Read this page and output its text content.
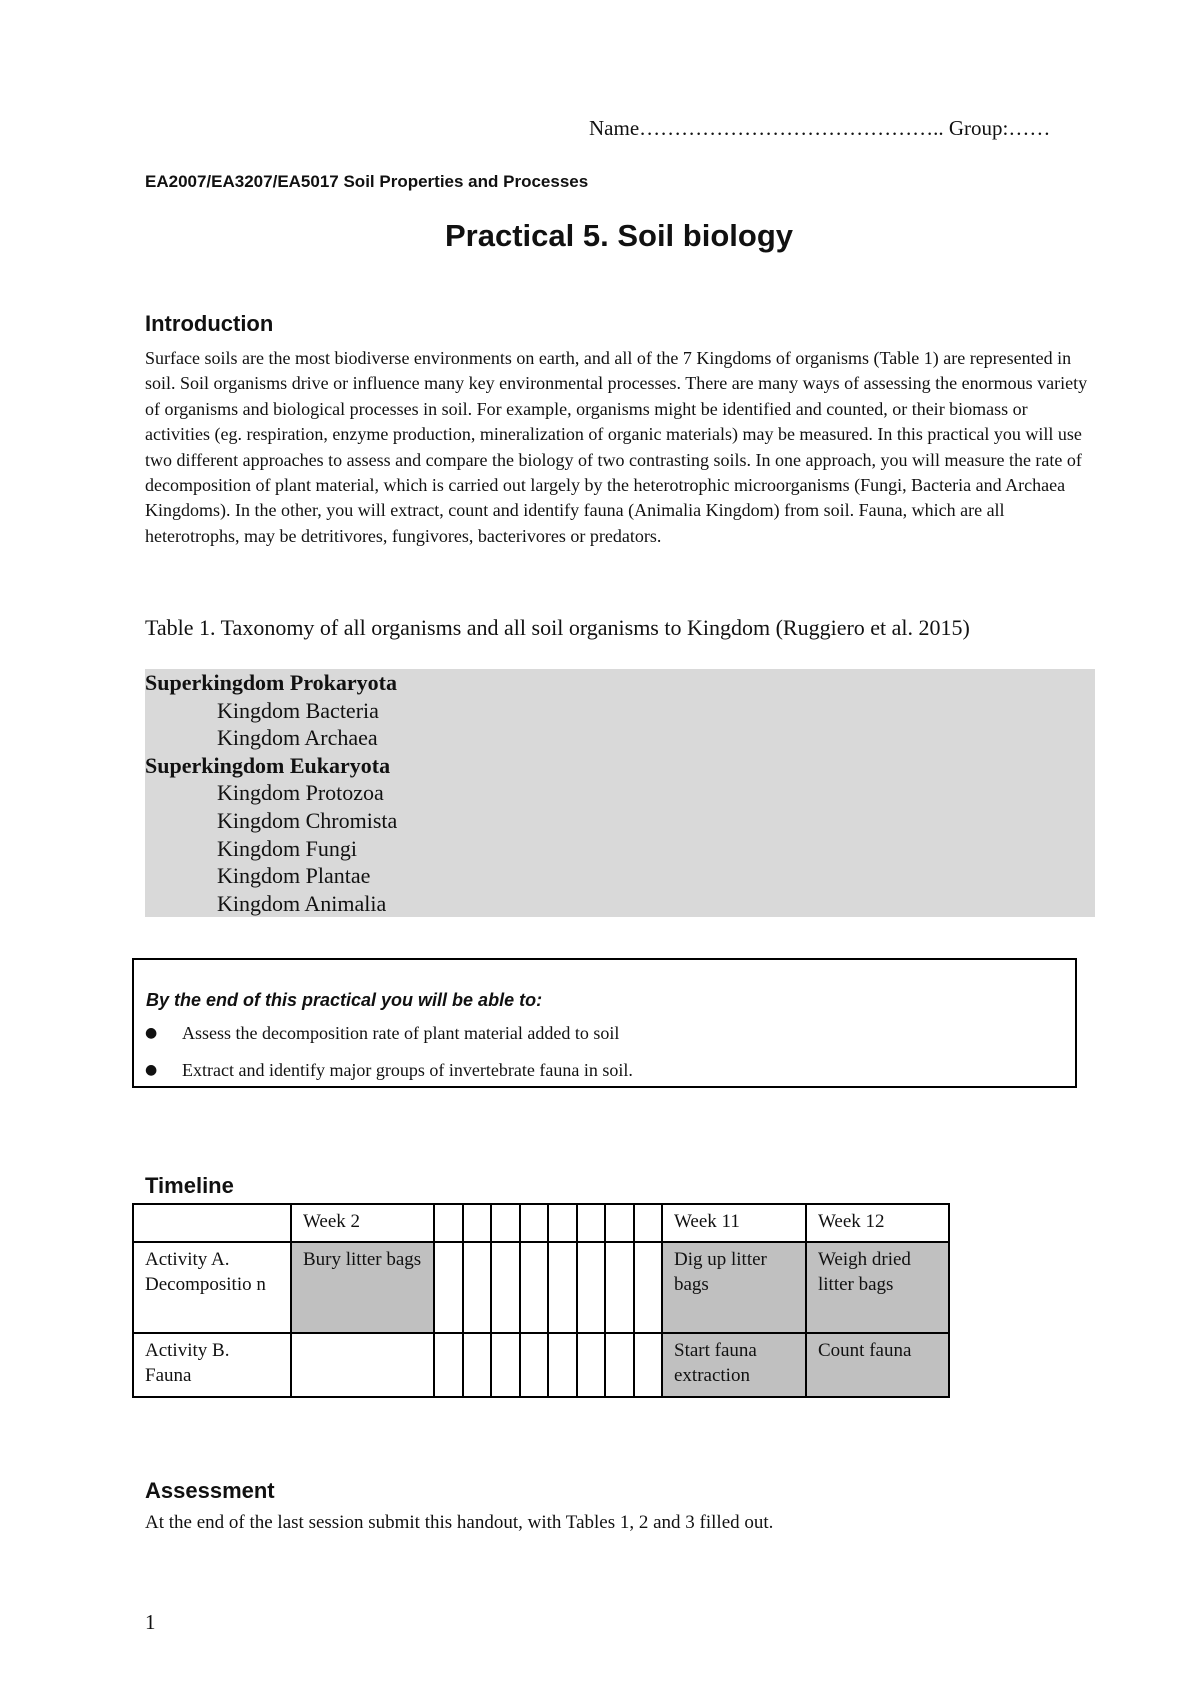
Name…………………………………….. Group:……
EA2007/EA3207/EA5017 Soil Properties and Processes
Practical 5. Soil biology
Introduction
Surface soils are the most biodiverse environments on earth, and all of the 7 Kingdoms of organisms (Table 1) are represented in soil. Soil organisms drive or influence many key environmental processes. There are many ways of assessing the enormous variety of organisms and biological processes in soil. For example, organisms might be identified and counted, or their biomass or activities (eg. respiration, enzyme production, mineralization of organic materials) may be measured. In this practical you will use two different approaches to assess and compare the biology of two contrasting soils. In one approach, you will measure the rate of decomposition of plant material, which is carried out largely by the heterotrophic microorganisms (Fungi, Bacteria and Archaea Kingdoms). In the other, you will extract, count and identify fauna (Animalia Kingdom) from soil. Fauna, which are all heterotrophs, may be detritivores, fungivores, bacterivores or predators.
Table 1. Taxonomy of all organisms and all soil organisms to Kingdom (Ruggiero et al. 2015)
Superkingdom Prokaryota
Kingdom Bacteria
Kingdom Archaea
Superkingdom Eukaryota
Kingdom Protozoa
Kingdom Chromista
Kingdom Fungi
Kingdom Plantae
Kingdom Animalia
By the end of this practical you will be able to:
● Assess the decomposition rate of plant material added to soil
● Extract and identify major groups of invertebrate fauna in soil.
Timeline
	Week 2									Week 11	Week 12
Activity A. Decompositio n	Bury litter bags									Dig up litter bags	Weigh dried litter bags
Activity B. Fauna										Start fauna extraction	Count fauna
Assessment
At the end of the last session submit this handout, with Tables 1, 2 and 3 filled out.
1
